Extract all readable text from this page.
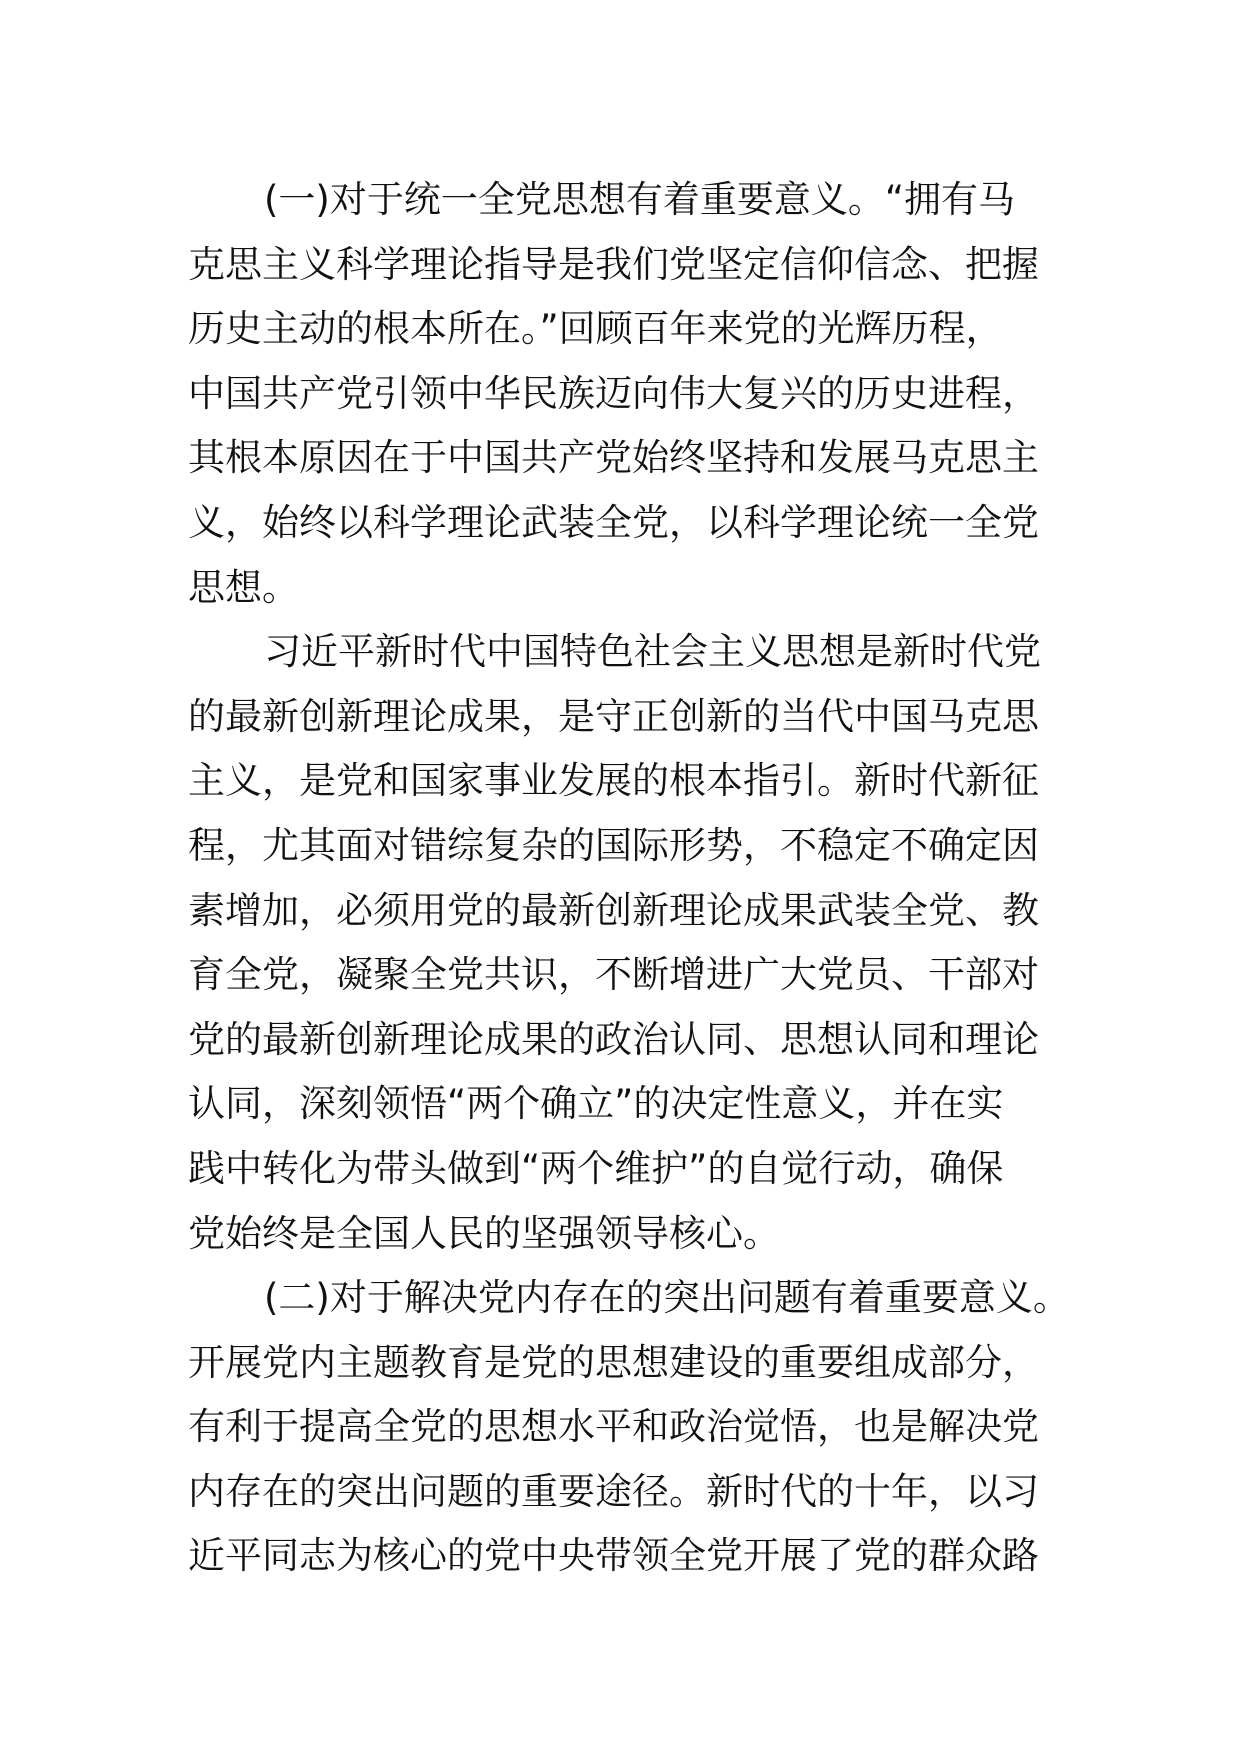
(一)对于统一全党思想有着重要意义。“拥有马
克思主义科学理论指导是我们党坚定信仰信念、把握
历史主动的根本所在。”回顾百年来党的光辉历程，
中国共产党引领中华民族迈向伟大复兴的历史进程，
其根本原因在于中国共产党始终坚持和发展马克思主
义，始终以科学理论武装全党，以科学理论统一全党
思想。
习近平新时代中国特色社会主义思想是新时代党
的最新创新理论成果，是守正创新的当代中国马克思
主义，是党和国家事业发展的根本指引。新时代新征
程，尤其面对错综复杂的国际形势，不稳定不确定因
素增加，必须用党的最新创新理论成果武装全党、教
育全党，凝聚全党共识，不断增进广大党员、干部对
党的最新创新理论成果的政治认同、思想认同和理论
认同，深刻领悟“两个确立”的决定性意义，并在实
践中转化为带头做到“两个维护”的自觉行动，确保
党始终是全国人民的坚强领导核心。
(二)对于解决党内存在的突出问题有着重要意义。
开展党内主题教育是党的思想建设的重要组成部分，
有利于提高全党的思想水平和政治觉悟，也是解决党
内存在的突出问题的重要途径。新时代的十年，以习
近平同志为核心的党中央带领全党开展了党的群众路
